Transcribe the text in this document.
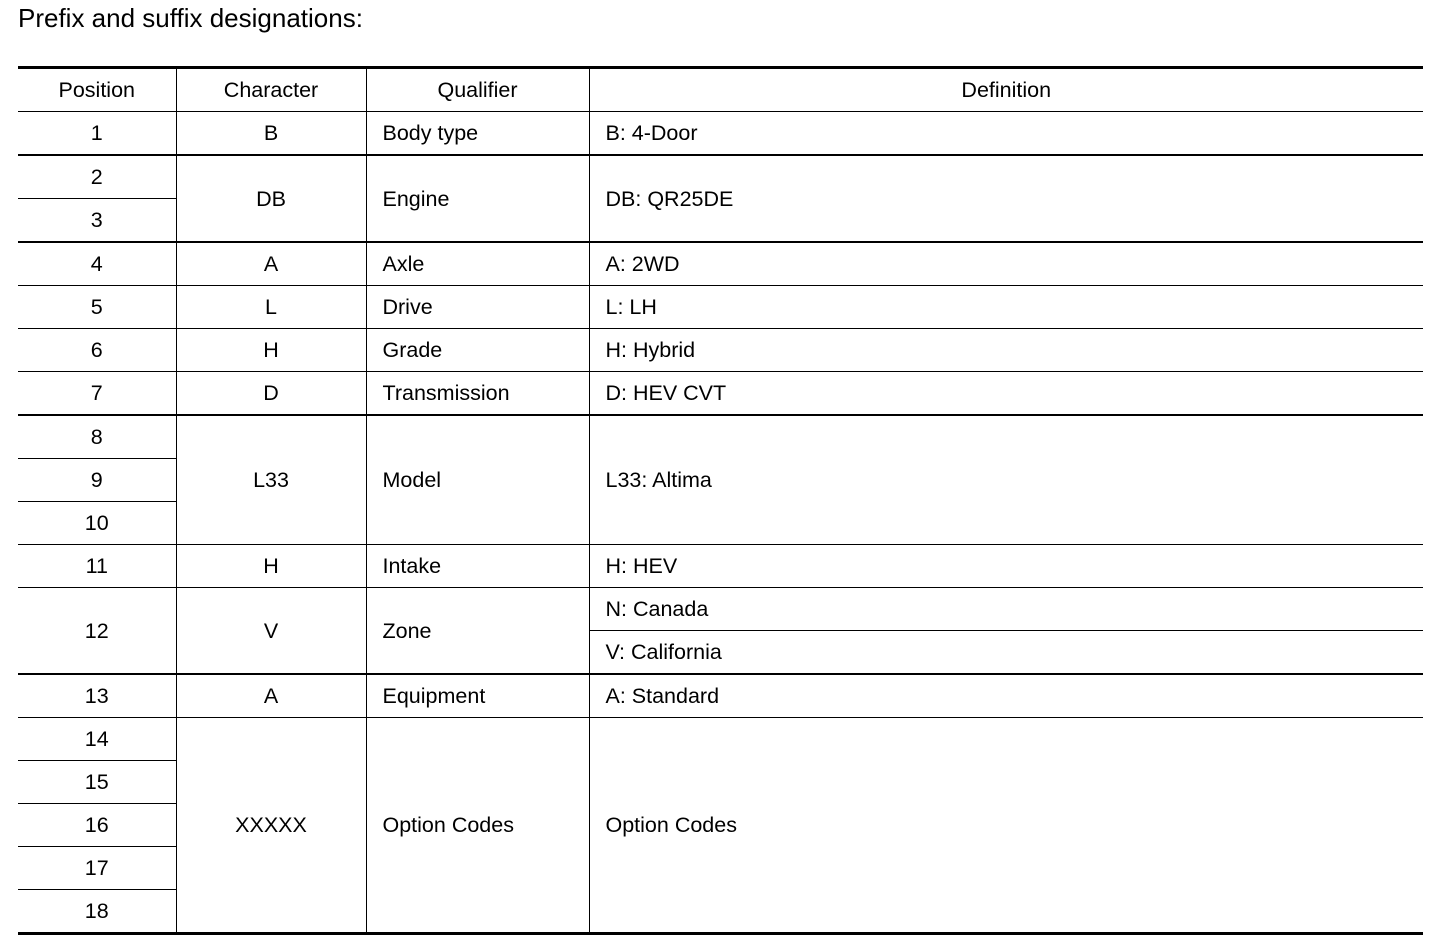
Prefix and suffix designations:
Position	Character	Qualifier	Definition
1	B	Body type	B: 4-Door
2	DB	Engine	DB: QR25DE
3			
4	A	Axle	A: 2WD
5	L	Drive	L: LH
6	H	Grade	H: Hybrid
7	D	Transmission	D: HEV CVT
8	L33	Model	L33: Altima
9			
10			
11	H	Intake	H: HEV
12	V	Zone	N: Canada
			V: California
13	A	Equipment	A: Standard
14	XXXXX	Option Codes	Option Codes
15			
16			
17			
18			
